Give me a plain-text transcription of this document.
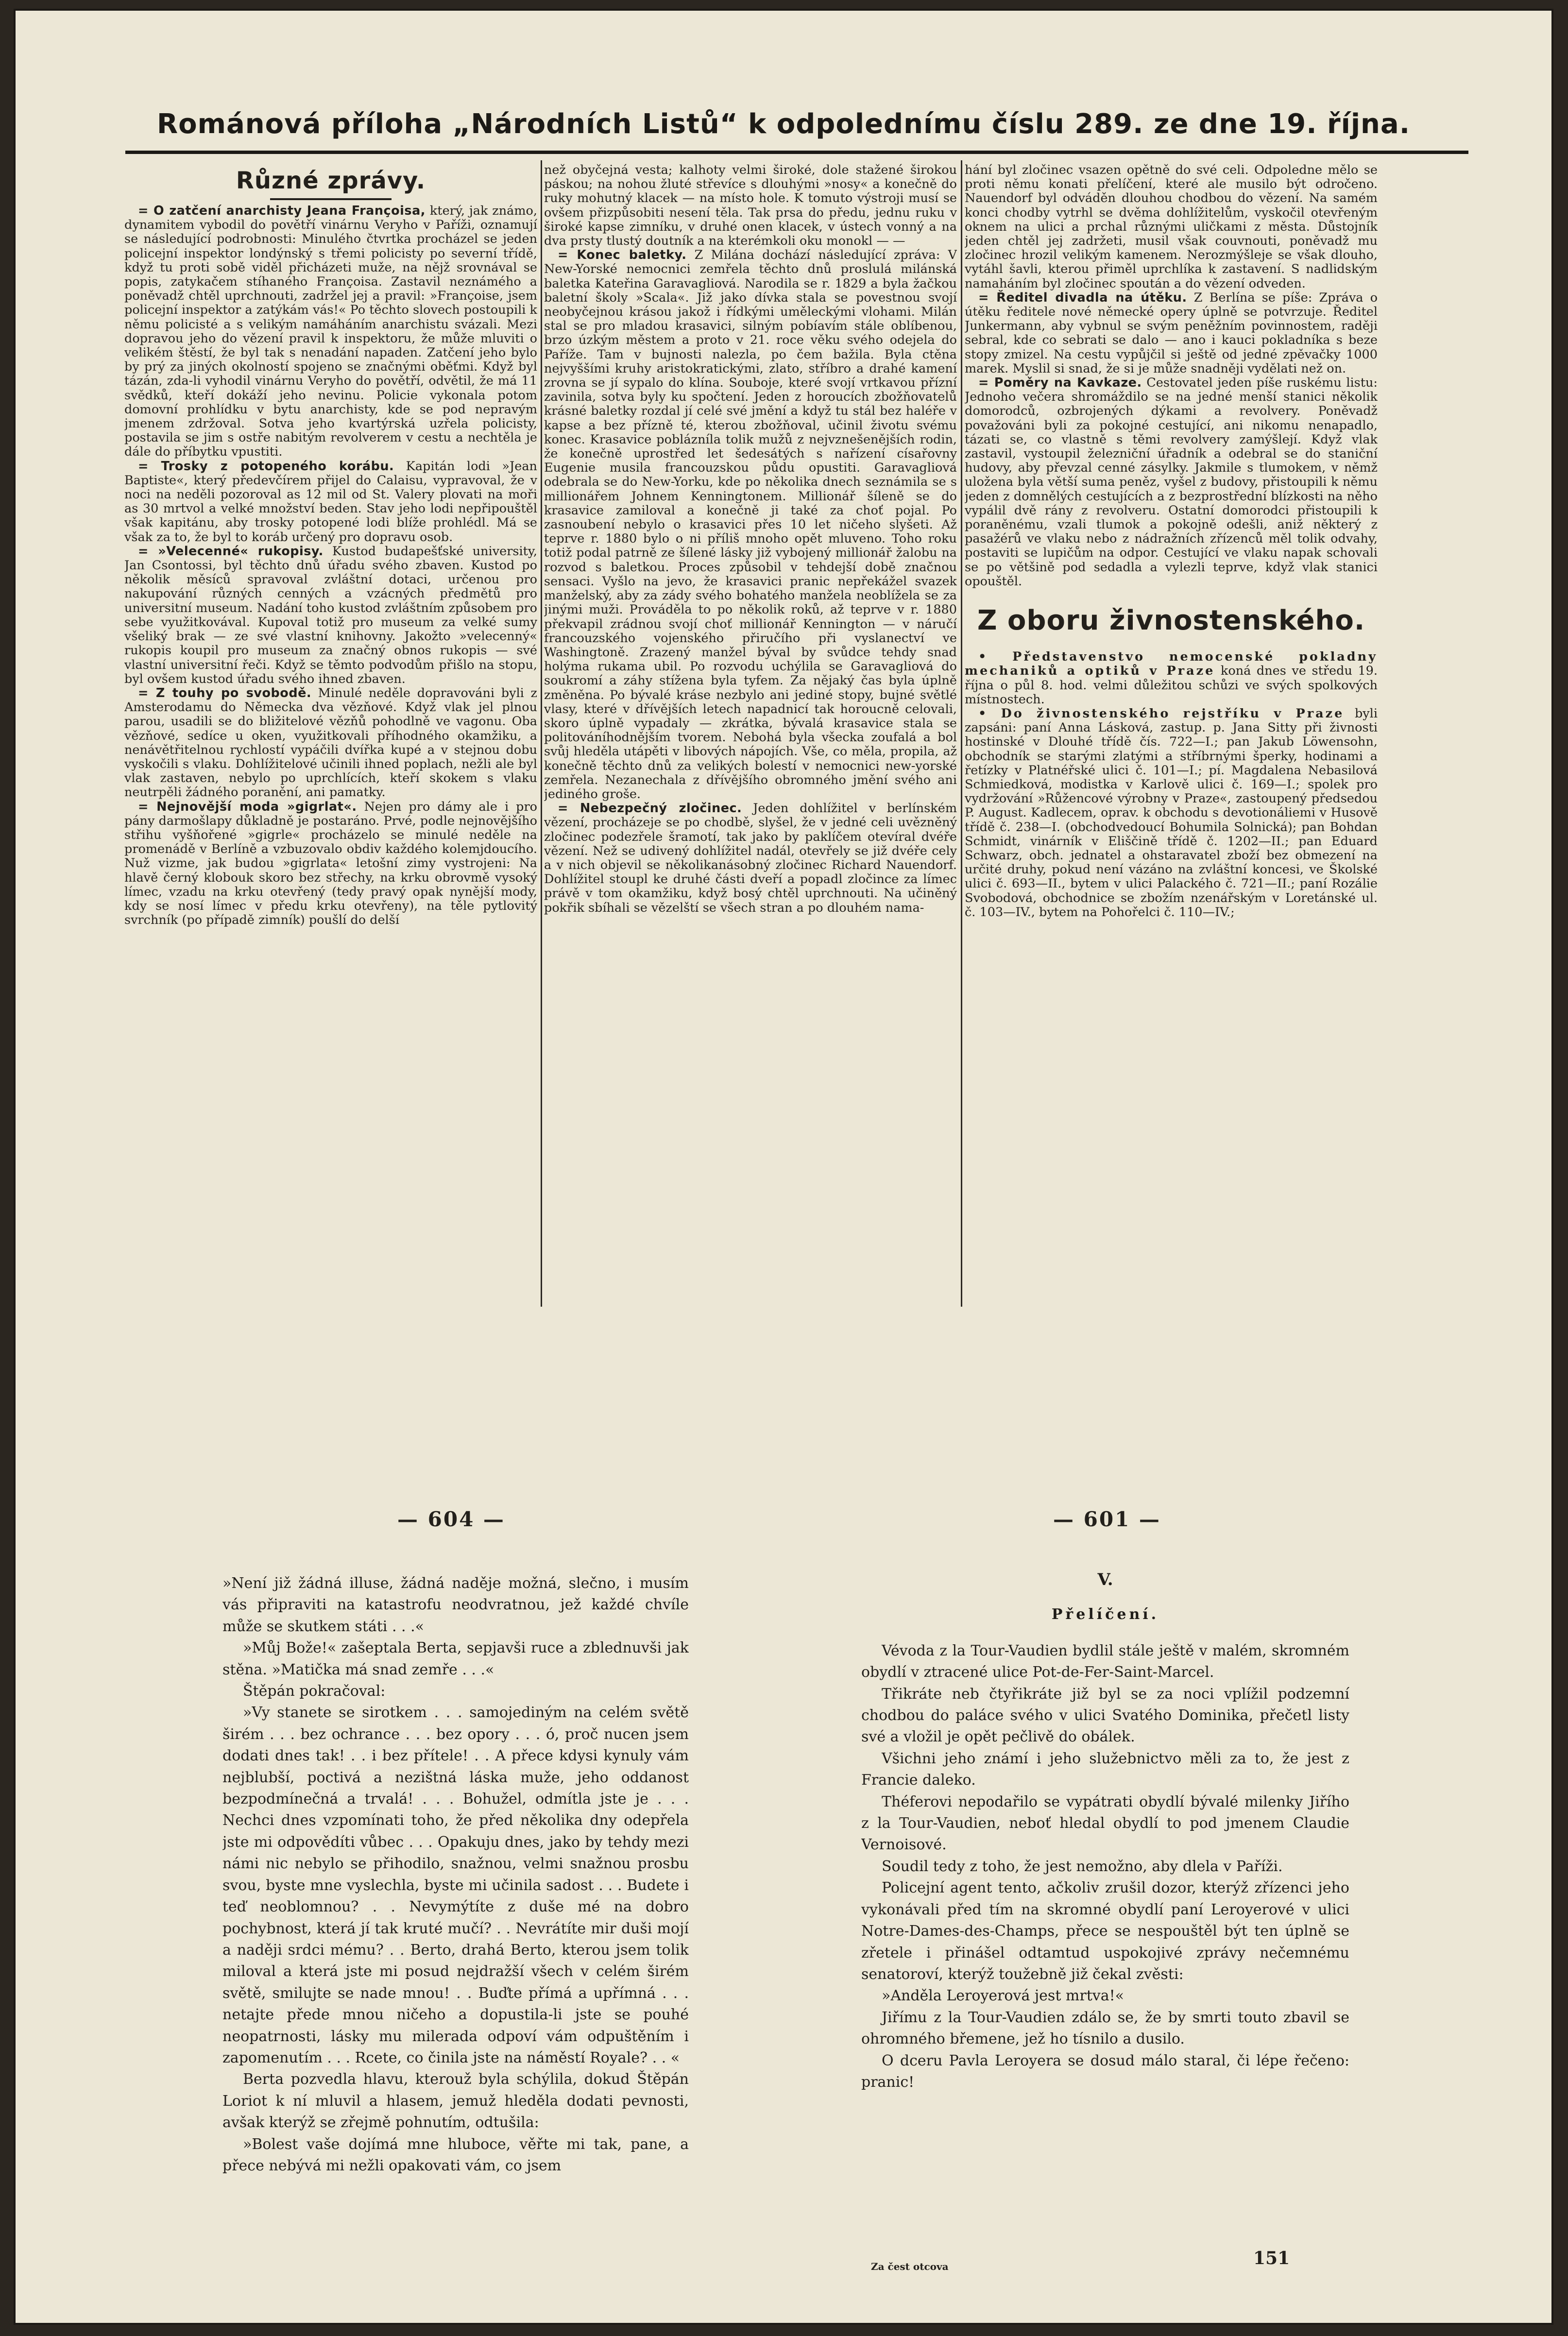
Románová příloha „Národních Listů“ k odpolednímu číslu 289. ze dne 19. října.
Různé zprávy.

= O zatčení anarchisty Jeana Françoisa, který, jak známo, dynamitem vybodil do povětří vinárnu Veryho v Paříži, oznamují se následující podrobnosti: Minulého čtvrtka procházel se jeden policejní inspektor londýnský s třemi policisty po severní třídě, když tu proti sobě viděl přicházeti muže, na nějž srovnával se popis, zatykačem stíhaného Françoisa. Zastavil neznámého a poněvadž chtěl uprchnouti, zadržel jej a pravil: »Françoise, jsem policejní inspektor a zatýkám vás!« Po těchto slovech postoupili k němu policisté a s velikým namáháním anarchistu svázali. Mezi dopravou jeho do vězení pravil k inspektoru, že může mluviti o velikém štěstí, že byl tak s nenadání napaden. Zatčení jeho bylo by prý za jiných okolností spojeno se značnými oběťmi. Když byl tázán, zda-li vyhodil vinárnu Veryho do povětří, odvětil, že má 11 svědků, kteří dokáží jeho nevinu. Policie vykonala potom domovní prohlídku v bytu anarchisty, kde se pod nepravým jmenem zdržoval. Sotva jeho kvartýrská uzřela policisty, postavila se jim s ostře nabitým revolverem v cestu a nechtěla je dále do příbytku vpustiti.

= Trosky z potopeného korábu. Kapitán lodi »Jean Baptiste«, který předevčírem přijel do Calaisu, vypravoval, že v noci na neděli pozoroval as 12 mil od St. Valery plovati na moři as 30 mrtvol a velké množství beden. Stav jeho lodi nepřipouštěl však kapitánu, aby trosky potopené lodi blíže prohlédl. Má se však za to, že byl to koráb určený pro dopravu osob.

= »Velecenné« rukopisy. Kustod budapešťské university, Jan Csontossi, byl těchto dnů úřadu svého zbaven. Kustod po několik měsíců spravoval zvláštní dotaci, určenou pro nakupování různých cenných a vzácných předmětů pro universitní museum. Nadání toho kustod zvláštním způsobem pro sebe využitkovával. Kupoval totiž pro museum za velké sumy všeliký brak — ze své vlastní knihovny. Jakožto »velecenný« rukopis koupil pro museum za značný obnos rukopis — své vlastní universitní řeči. Když se těmto podvodům přišlo na stopu, byl ovšem kustod úřadu svého ihned zbaven.

= Z touhy po svobodě. Minulé neděle dopravováni byli z Amsterodamu do Německa dva vězňové. Když vlak jel plnou parou, usadili se do bližitelové vězňů pohodlně ve vagonu. Oba vězňové, sedíce u oken, využitkovali příhodného okamžiku, a nenávětřitelnou rychlostí vypáčili dvířka kupé a v stejnou dobu vyskočili s vlaku. Dohlížitelové učinili ihned poplach, nežli ale byl vlak zastaven, nebylo po uprchlících, kteří skokem s vlaku neutrpěli žádného poranění, ani pamatky.

= Nejnovější moda »gigrlat«. Nejen pro dámy ale i pro pány darmošlapy důkladně je postaráno. Prvé, podle nejnovějšího střihu vyšňořené »gigrle« procházelo se minulé neděle na promenádě v Berlíně a vzbuzovalo obdiv každého kolemjdoucího. Nuž vizme, jak budou »gigrlata« letošní zimy vystrojeni: Na hlavě černý klobouk skoro bez střechy, na krku obrovmě vysoký límec, vzadu na krku otevřený (tedy pravý opak nynější mody, kdy se nosí límec v předu krku otevřeny), na těle pytlovitý svrchník (po případě zimník) poušlí do delší

než obyčejná vesta; kalhoty velmi široké, dole stažené širokou páskou; na nohou žluté střevíce s dlouhými »nosy« a konečně do ruky mohutný klacek — na místo hole. K tomuto výstroji musí se ovšem přizpůsobiti nesení těla. Tak prsa do předu, jednu ruku v široké kapse zimníku, v druhé onen klacek, v ústech vonný a na dva prsty tlustý doutník a na kterémkoli oku monokl — —

= Konec baletky. Z Milána dochází následující zpráva: V New-Yorské nemocnici zemřela těchto dnů proslulá milánská baletka Kateřina Garavagliová. Narodila se r. 1829 a byla žačkou baletní školy »Scala«. Již jako dívka stala se povestnou svojí neobyčejnou krásou jakož i řídkými uměleckými vlohami. Milán stal se pro mladou krasavici, silným pobíavím stále oblíbenou, brzo úzkým městem a proto v 21. roce věku svého odejela do Paříže. Tam v bujnosti nalezla, po čem bažila. Byla ctěna nejvyššími kruhy aristokratickými, zlato, stříbro a drahé kamení zrovna se jí sypalo do klína. Souboje, které svojí vrtkavou přízní zavinila, sotva byly ku spočtení. Jeden z horoucích zbožňovatelů krásné baletky rozdal jí celé své jmění a když tu stál bez haléře v kapse a bez přízně té, kterou zbožňoval, učinil životu svému konec. Krasavice poblázníla tolik mužů z nejvznešenějších rodin, že konečně uprostřed let šedesátých s nařízení císařovny Eugenie musila francouzskou půdu opustiti. Garavagliová odebrala se do New-Yorku, kde po několika dnech seznámila se s millionářem Johnem Kenningtonem. Millionář šíleně se do krasavice zamiloval a konečně ji také za choť pojal. Po zasnoubení nebylo o krasavici přes 10 let ničeho slyšeti. Až teprve r. 1880 bylo o ni příliš mnoho opět mluveno. Toho roku totiž podal patrně ze šílené lásky již vybojený millionář žalobu na rozvod s baletkou. Proces způsobil v tehdejší době značnou sensaci. Vyšlo na jevo, že krasavici pranic nepřekážel svazek manželský, aby za zády svého bohatého manžela neoblížela se za jinými muži. Prováděla to po několik roků, až teprve v r. 1880 překvapil zrádnou svojí choť millionář Kennington — v náručí francouzského vojenského přiručího při vyslanectví ve Washingtoně. Zrazený manžel býval by svůdce tehdy snad holýma rukama ubil. Po rozvodu uchýlila se Garavagliová do soukromí a záhy stížena byla tyfem. Za nějaký čas byla úplně změněna. Po bývalé kráse nezbylo ani jediné stopy, bujné světlé vlasy, které v dřívějších letech napadnicí tak horoucně celovali, skoro úplně vypadaly — zkrátka, bývalá krasavice stala se politováníhodnějším tvorem. Nebohá byla všecka zoufalá a bol svůj hleděla utápěti v libových nápojích. Vše, co měla, propila, až konečně těchto dnů za velikých bolestí v nemocnici new-yorské zemřela. Nezanechala z dřívějšího obromného jmění svého ani jediného groše.

= Nebezpečný zločinec. Jeden dohlížitel v berlínském vězení, procházeje se po chodbě, slyšel, že v jedné celi uvězněný zločinec podezřele šramotí, tak jako by paklíčem otevíral dvéře vězení. Než se udivený dohlížitel nadál, otevřely se již dvéře cely a v nich objevil se několikanásobný zločinec Richard Nauendorf. Dohlížitel stoupl ke druhé části dveří a popadl zločince za límec právě v tom okamžiku, když bosý chtěl uprchnouti. Na učiněný pokřik sbíhali se vězelští se všech stran a po dlouhém nama-

hání byl zločinec vsazen opětně do své celi. Odpoledne mělo se proti němu konati přelíčení, které ale musilo být odročeno. Nauendorf byl odváděn dlouhou chodbou do vězení. Na samém konci chodby vytrhl se dvěma dohlížitelům, vyskočil otevřeným oknem na ulici a prchal různými uličkami z města. Důstojník jeden chtěl jej zadržeti, musil však couvnouti, poněvadž mu zločinec hrozil velikým kamenem. Nerozmýšleje se však dlouho, vytáhl šavli, kterou přiměl uprchlíka k zastavení. S nadlidským namaháním byl zločinec spoután a do vězení odveden.

= Ředitel divadla na útěku. Z Berlína se píše: Zpráva o útěku ředitele nové německé opery úplně se potvrzuje. Ředitel Junkermann, aby vybnul se svým peněžním povinnostem, raději sebral, kde co sebrati se dalo — ano i kauci pokladníka s beze stopy zmizel. Na cestu vypůjčil si ještě od jedné zpěvačky 1000 marek. Myslil si snad, že si je může snadněji vydělati než on.

= Poměry na Kavkaze. Cestovatel jeden píše ruskému listu: Jednoho večera shromáždilo se na jedné menší stanici několik domorodců, ozbrojených dýkami a revolvery. Poněvadž považováni byli za pokojné cestující, ani nikomu nenapadlo, tázati se, co vlastně s těmi revolvery zamýšlejí. Když vlak zastavil, vystoupil železniční úřadník a odebral se do staniční hudovy, aby převzal cenné zásylky. Jakmile s tlumokem, v němž uložena byla větší suma peněz, vyšel z budovy, přistoupili k němu jeden z domnělých cestujících a z bezprostřední blízkosti na něho vypálil dvě rány z revolveru. Ostatní domorodci přistoupili k poraněnému, vzali tlumok a pokojně odešli, aniž některý z pasažérů ve vlaku nebo z nádražních zřízenců měl tolik odvahy, postaviti se lupičům na odpor. Cestující ve vlaku napak schovali se po většině pod sedadla a vylezli teprve, když vlak stanici opouštěl.

Z oboru živnostenského.

• Představenstvo nemocenské pokladny mechaniků a optiků v Praze koná dnes ve středu 19. října o půl 8. hod. velmi důležitou schůzi ve svých spolkových místnostech.

• Do živnostenského rejstříku v Praze byli zapsáni: paní Anna Lásková, zastup. p. Jana Sitty při živnosti hostinské v Dlouhé třídě čís. 722—I.; pan Jakub Löwensohn, obchodník se starými zlatými a stříbrnými šperky, hodinami a řetízky v Platnéřské ulici č. 101—I.; pí. Magdalena Nebasilová Schmiedková, modistka v Karlově ulici č. 169—I.; spolek pro vydržování »Růžencové výrobny v Praze«, zastoupený předsedou P. August. Kadlecem, oprav. k obchodu s devotionáliemi v Husově třídě č. 238—I. (obchodvedoucí Bohumila Solnická); pan Bohdan Schmidt, vinárník v Eliščině třídě č. 1202—II.; pan Eduard Schwarz, obch. jednatel a ohstaravatel zboží bez obmezení na určité druhy, pokud není vázáno na zvláštní koncesi, ve Školské ulici č. 693—II., bytem v ulici Palackého č. 721—II.; paní Rozálie Svobodová, obchodnice se zbožím nzenářským v Loretánské ul. č. 103—IV., bytem na Pohořelci č. 110—IV.;

— 604 —	— 601 —

»Není již žádná illuse, žádná naděje možná, slečno, i musím vás připraviti na katastrofu neodvratnou, jež každé chvíle může se skutkem státi . . .«

»Můj Bože!« zašeptala Berta, sepjavši ruce a zblednuvši jak stěna. »Matička má snad zemře . . .«

Štěpán pokračoval:

»Vy stanete se sirotkem . . . samojediným na celém světě širém . . . bez ochrance . . . bez opory . . . ó, proč nucen jsem dodati dnes tak! . . i bez přítele! . . A přece kdysi kynuly vám nejblubší, poctivá a nezištná láska muže, jeho oddanost bezpodmínečná a trvalá! . . . Bohužel, odmítla jste je . . . Nechci dnes vzpomínati toho, že před několika dny odepřela jste mi odpovědíti vůbec . . . Opakuju dnes, jako by tehdy mezi námi nic nebylo se přihodilo, snažnou, velmi snažnou prosbu svou, byste mne vyslechla, byste mi učinila sadost . . . Budete i teď neoblomnou? . . Nevymýtíte z duše mé na dobro pochybnost, která jí tak kruté mučí? . . Nevrátíte mir duši mojí a naději srdci mému? . . Berto, drahá Berto, kterou jsem tolik miloval a která jste mi posud nejdražší všech v celém širém světě, smilujte se nade mnou! . . Buďte přímá a upřímná . . . netajte přede mnou ničeho a dopustila-li jste se pouhé neopatrnosti, lásky mu milerada odpoví vám odpuštěním i zapomenutím . . . Rcete, co činila jste na náměstí Royale? . . «

Berta pozvedla hlavu, kterouž byla schýlila, dokud Štěpán Loriot k ní mluvil a hlasem, jemuž hleděla dodati pevnosti, avšak kterýž se zřejmě pohnutím, odtušila:

»Bolest vaše dojímá mne hluboce, věřte mi tak, pane, a přece nebývá mi nežli opakovati vám, co jsem

V.
Přelíčení.

Vévoda z la Tour-Vaudien bydlil stále ještě v malém, skromném obydlí v ztracené ulice Pot-de-Fer-Saint-Marcel.

Třikráte neb čtyřikráte již byl se za noci vplížil podzemní chodbou do paláce svého v ulici Svatého Dominika, přečetl listy své a vložil je opět pečlivě do obálek.

Všichni jeho známí i jeho služebnictvo měli za to, že jest z Francie daleko.

Théferovi nepodařilo se vypátrati obydlí bývalé milenky Jiřího z la Tour-Vaudien, neboť hledal obydlí to pod jmenem Claudie Vernoisové.

Soudil tedy z toho, že jest nemožno, aby dlela v Paříži.

Policejní agent tento, ačkoliv zrušil dozor, kterýž zřízenci jeho vykonávali před tím na skromné obydlí paní Leroyerové v ulici Notre-Dames-des-Champs, přece se nespouštěl být ten úplně se zřetele i přinášel odtamtud uspokojivé zprávy nečemnému senatoroví, kterýž toužebně již čekal zvěsti:

»Anděla Leroyerová jest mrtva!«

Jiřímu z la Tour-Vaudien zdálo se, že by smrti touto zbavil se ohromného břemene, jež ho tísnilo a dusilo.

O dceru Pavla Leroyera se dosud málo staral, či lépe řečeno: pranic!

Za čest otcova	151
